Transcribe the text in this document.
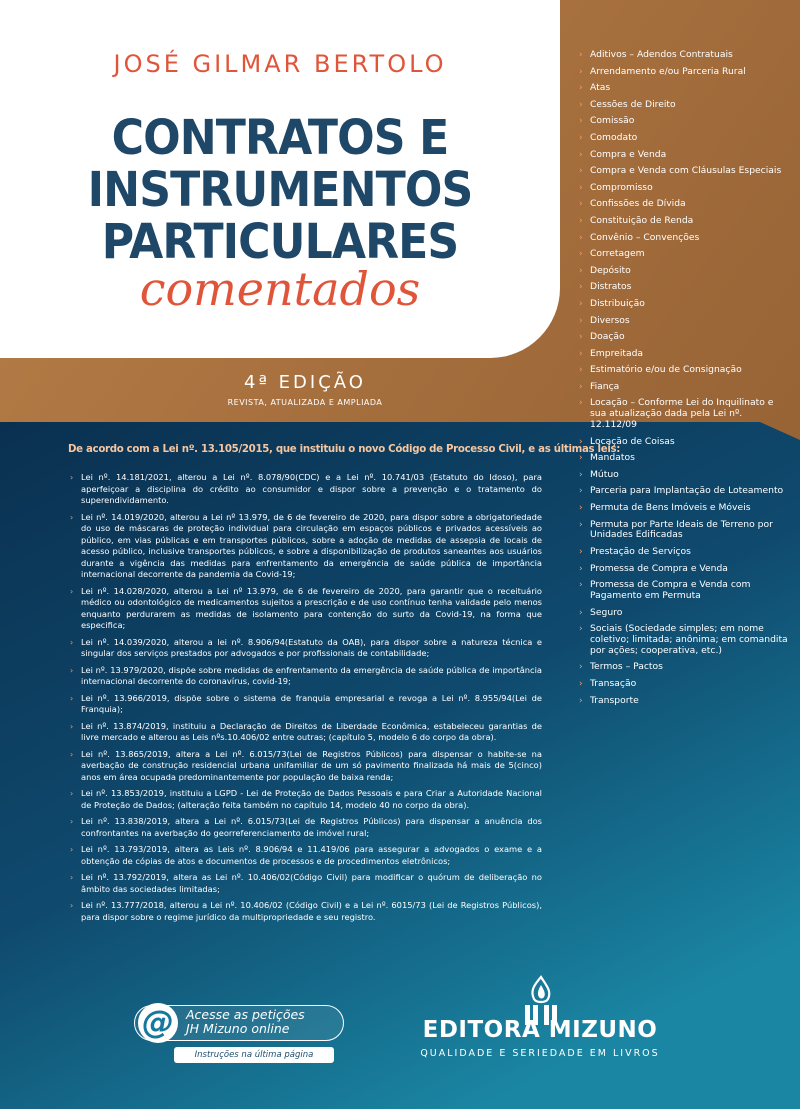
JOSÉ GILMAR BERTOLO
CONTRATOS E
INSTRUMENTOS
PARTICULARES
comentados
4ª EDIÇÃO
REVISTA, ATUALIZADA E AMPLIADA
› Aditivos – Adendos Contratuais
› Arrendamento e/ou Parceria Rural
› Atas
› Cessões de Direito
› Comissão
› Comodato
› Compra e Venda
› Compra e Venda com Cláusulas Especiais
› Compromisso
› Confissões de Dívida
› Constituição de Renda
› Convênio – Convenções
› Corretagem
› Depósito
› Distratos
› Distribuição
› Diversos
› Doação
› Empreitada
› Estimatório e/ou de Consignação
› Fiança
› Locação – Conforme Lei do Inquilinato e sua atualização dada pela Lei nº. 12.112/09
› Locação de Coisas
› Mandatos
› Mútuo
› Parceria para Implantação de Loteamento
› Permuta de Bens Imóveis e Móveis
› Permuta por Parte Ideais de Terreno por Unidades Edificadas
› Prestação de Serviços
› Promessa de Compra e Venda
› Promessa de Compra e Venda com Pagamento em Permuta
› Seguro
› Sociais (Sociedade simples; em nome coletivo; limitada; anônima; em comandita por ações; cooperativa, etc.)
› Termos – Pactos
› Transação
› Transporte
De acordo com a Lei nº. 13.105/2015, que instituiu o novo Código de Processo Civil, e as últimas leis:
› Lei nº. 14.181/2021, alterou a Lei nº. 8.078/90(CDC) e a Lei nº. 10.741/03 (Estatuto do Idoso), para aperfeiçoar a disciplina do crédito ao consumidor e dispor sobre a prevenção e o tratamento do superendividamento.
› Lei nº. 14.019/2020, alterou a Lei nº 13.979, de 6 de fevereiro de 2020, para dispor sobre a obrigatoriedade do uso de máscaras de proteção individual para circulação em espaços públicos e privados acessíveis ao público, em vias públicas e em transportes públicos, sobre a adoção de medidas de assepsia de locais de acesso público, inclusive transportes públicos, e sobre a disponibilização de produtos saneantes aos usuários durante a vigência das medidas para enfrentamento da emergência de saúde pública de importância internacional decorrente da pandemia da Covid-19;
› Lei nº. 14.028/2020, alterou a Lei nº 13.979, de 6 de fevereiro de 2020, para garantir que o receituário médico ou odontológico de medicamentos sujeitos a prescrição e de uso contínuo tenha validade pelo menos enquanto perdurarem as medidas de isolamento para contenção do surto da Covid-19, na forma que especifica;
› Lei nº. 14.039/2020, alterou a lei nº. 8.906/94(Estatuto da OAB), para dispor sobre a natureza técnica e singular dos serviços prestados por advogados e por profissionais de contabilidade;
› Lei nº. 13.979/2020, dispõe sobre medidas de enfrentamento da emergência de saúde pública de importância internacional decorrente do coronavírus, covid-19;
› Lei nº. 13.966/2019, dispõe sobre o sistema de franquia empresarial e revoga a Lei nº. 8.955/94(Lei de Franquia);
› Lei nº. 13.874/2019, instituiu a Declaração de Direitos de Liberdade Econômica, estabeleceu garantias de livre mercado e alterou as Leis nºs.10.406/02 entre outras; (capítulo 5, modelo 6 do corpo da obra).
› Lei nº. 13.865/2019, altera a Lei nº. 6.015/73(Lei de Registros Públicos) para dispensar o habite-se na averbação de construção residencial urbana unifamiliar de um só pavimento finalizada há mais de 5(cinco) anos em área ocupada predominantemente por população de baixa renda;
› Lei nº. 13.853/2019, instituiu a LGPD - Lei de Proteção de Dados Pessoais e para Criar a Autoridade Nacional de Proteção de Dados; (alteração feita também no capítulo 14, modelo 40 no corpo da obra).
› Lei nº. 13.838/2019, altera a Lei nº. 6.015/73(Lei de Registros Públicos) para dispensar a anuência dos confrontantes na averbação do georreferenciamento de imóvel rural;
› Lei nº. 13.793/2019, altera as Leis nº. 8.906/94 e 11.419/06 para assegurar a advogados o exame e a obtenção de cópias de atos e documentos de processos e de procedimentos eletrônicos;
› Lei nº. 13.792/2019, altera as Lei nº. 10.406/02(Código Civil) para modificar o quórum de deliberação no âmbito das sociedades limitadas;
› Lei nº. 13.777/2018, alterou a Lei nº. 10.406/02 (Código Civil) e a Lei nº. 6015/73 (Lei de Registros Públicos), para dispor sobre o regime jurídico da multipropriedade e seu registro.
@ Acesse as petições
JH Mizuno online
Instruções na última página
EDITORA MIZUNO
QUALIDADE E SERIEDADE EM LIVROS
